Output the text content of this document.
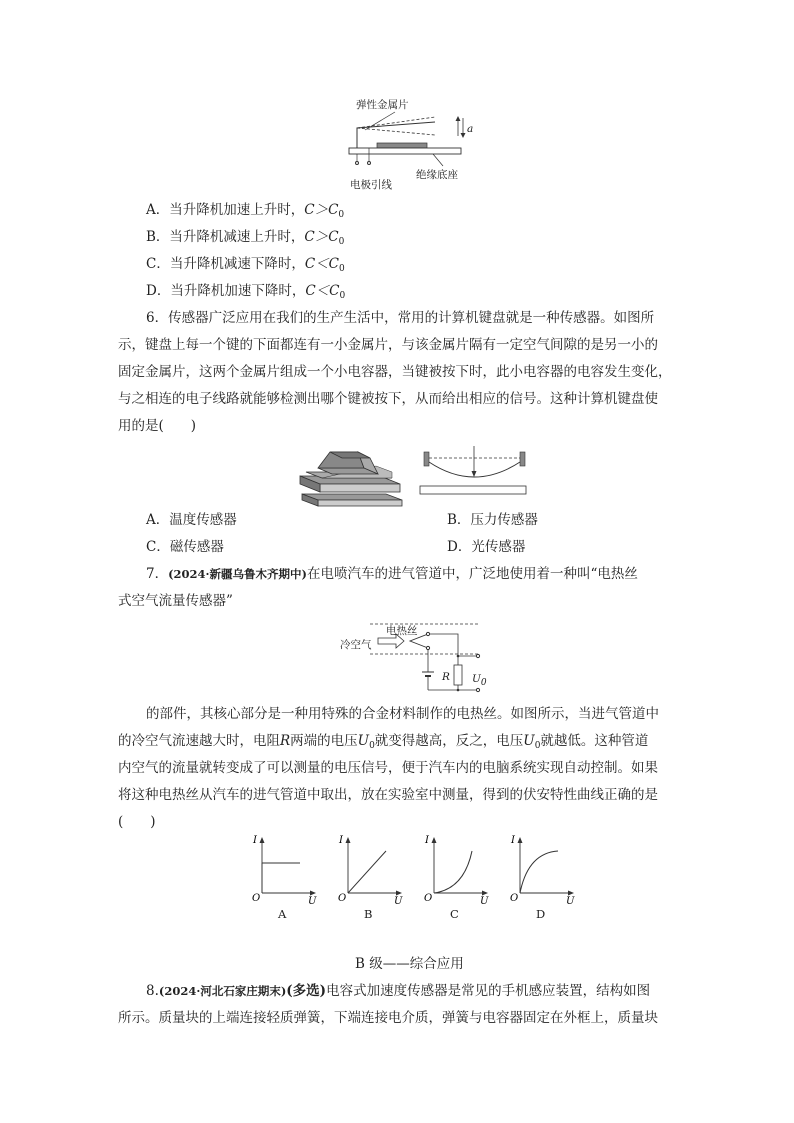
弹性金属片
a
电极引线
绝缘底座
A．当升降机加速上升时，$C>C_0$
B．当升降机减速上升时，$C>C_0$
C．当升降机减速下降时，$C<C_0$
D．当升降机加速下降时，$C<C_0$
6．传感器广泛应用在我们的生产生活中，常用的计算机键盘就是一种传感器。如图所
示，键盘上每一个键的下面都连有一小金属片，与该金属片隔有一定空气间隙的是另一小的
固定金属片，这两个金属片组成一个小电容器，当键被按下时，此小电容器的电容发生变化，
与之相连的电子线路就能够检测出哪个键被按下，从而给出相应的信号。这种计算机键盘使
用的是(　　)
A．温度传感器	B．压力传感器
C．磁传感器	D．光传感器
7．(2024·新疆乌鲁木齐期中)在电喷汽车的进气管道中，广泛地使用着一种叫“电热丝
式空气流量传感器”
冷空气
电热丝
R $U_0$
的部件，其核心部分是一种用特殊的合金材料制作的电热丝。如图所示，当进气管道中
的冷空气流速越大时，电阻R两端的电压$U_0$就变得越高，反之，电压$U_0$就越低。这种管道
内空气的流量就转变成了可以测量的电压信号，便于汽车内的电脑系统实现自动控制。如果
将这种电热丝从汽车的进气管道中取出，放在实验室中测量，得到的伏安特性曲线正确的是
(　　)
I
O	U
A
I
O	U
B
I
O	U
C
I
O	U
D
B 级——综合应用
8.(2024·河北石家庄期末)(多选)电容式加速度传感器是常见的手机感应装置，结构如图
所示。质量块的上端连接轻质弹簧，下端连接电介质，弹簧与电容器固定在外框上，质量块
